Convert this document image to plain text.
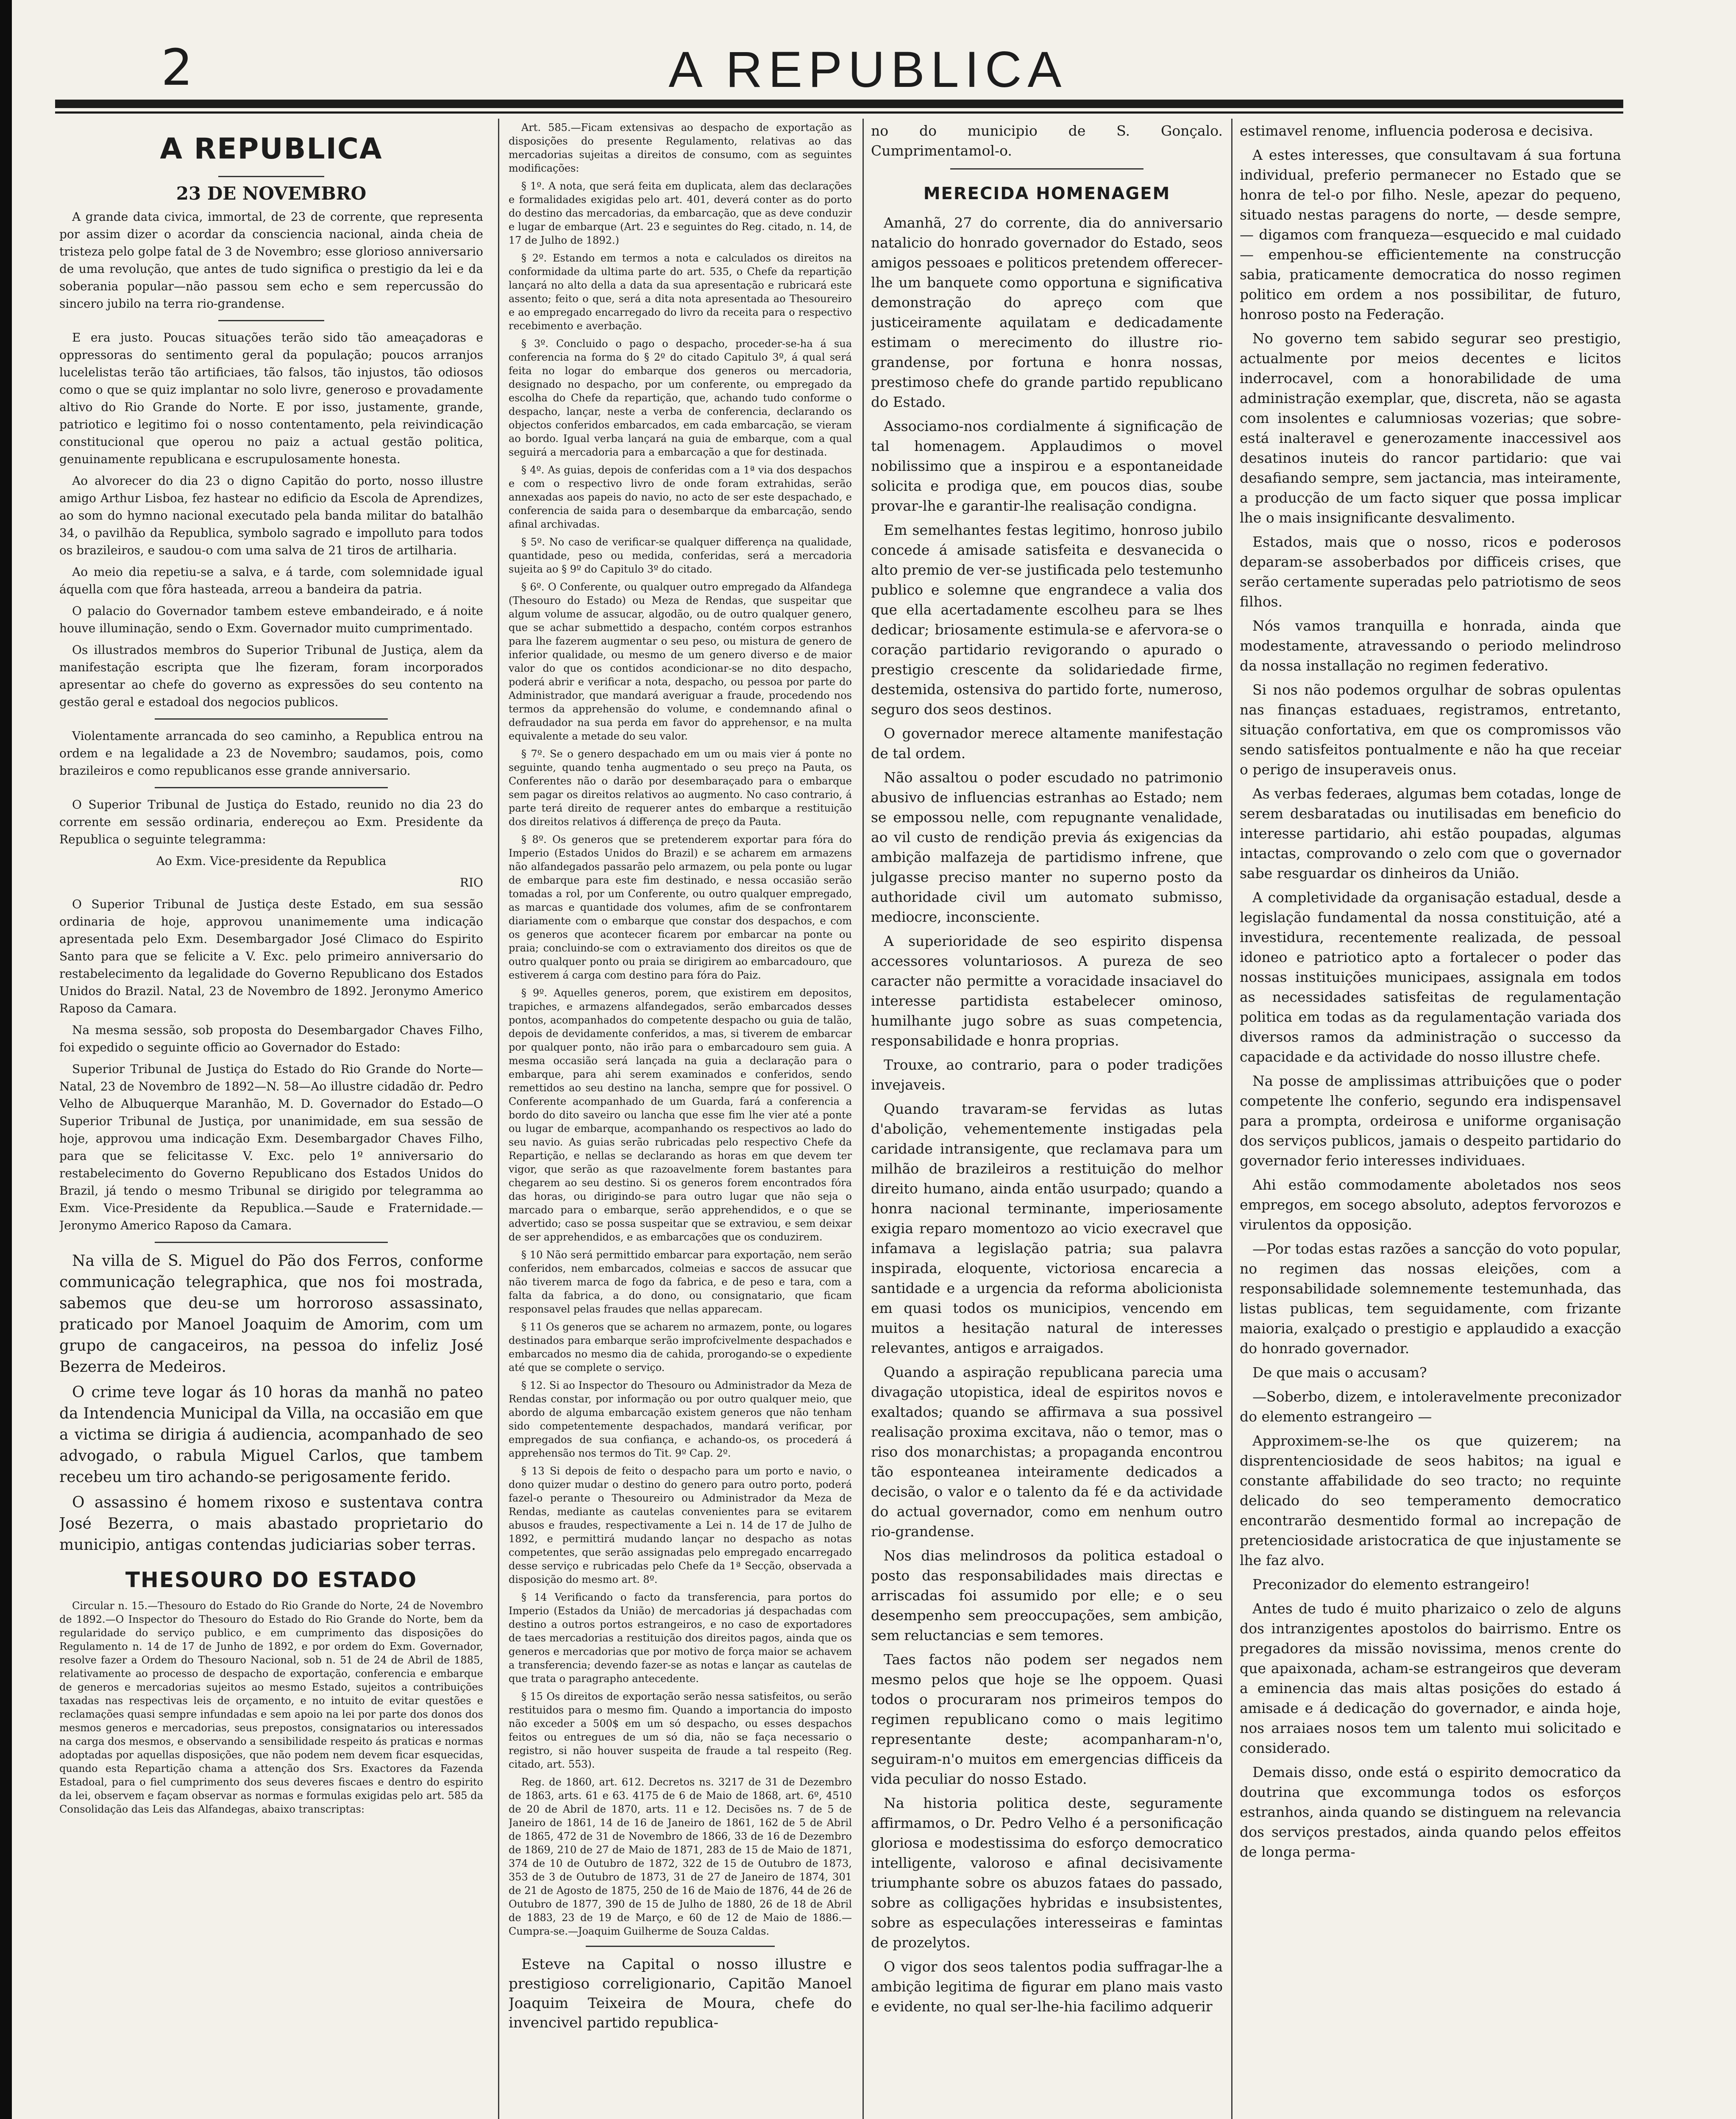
2	A REPUBLICA
A REPUBLICA
23 DE NOVEMBRO

A grande data civica, immortal, de 23 de corrente, que representa por assim dizer o acordar da consciencia nacional, ainda cheia de tristeza pelo golpe fatal de 3 de Novembro; esse glorioso anniversario de uma revolução, que antes de tudo significa o prestigio da lei e da soberania popular—não passou sem echo e sem repercussão do sincero jubilo na terra rio-grandense.

E era justo. Poucas situações terão sido tão ameaçadoras e oppressoras do sentimento geral da população; poucos arranjos lucelelistas terão tão artificiaes, tão falsos, tão injustos, tão odiosos como o que se quiz implantar no solo livre, generoso e provadamente altivo do Rio Grande do Norte. E por isso, justamente, grande, patriotico e legitimo foi o nosso contentamento, pela reivindicação constitucional que operou no paiz a actual gestão politica, genuinamente republicana e escrupulosamente honesta.

Ao alvorecer do dia 23 o digno Capitão do porto, nosso illustre amigo Arthur Lisboa, fez hastear no edificio da Escola de Aprendizes, ao som do hymno nacional executado pela banda militar do batalhão 34, o pavilhão da Republica, symbolo sagrado e impolluto para todos os brazileiros, e saudou-o com uma salva de 21 tiros de artilharia.

Ao meio dia repetiu-se a salva, e á tarde, com solemnidade igual áquella com que fôra hasteada, arreou a bandeira da patria.

O palacio do Governador tambem esteve embandeirado, e á noite houve illuminação, sendo o Exm. Governador muito cumprimentado.

Os illustrados membros do Superior Tribunal de Justiça, alem da manifestação escripta que lhe fizeram, foram incorporados apresentar ao chefe do governo as expressões do seu contento na gestão geral e estadoal dos negocios publicos.

Violentamente arrancada do seo caminho, a Republica entrou na ordem e na legalidade a 23 de Novembro; saudamos, pois, como brazileiros e como republicanos esse grande anniversario.

O Superior Tribunal de Justiça do Estado, reunido no dia 23 do corrente em sessão ordinaria, endereçou ao Exm. Presidente da Republica o seguinte telegramma:

Ao Exm. Vice-presidente da Republica

RIO

O Superior Tribunal de Justiça deste Estado, em sua sessão ordinaria de hoje, approvou unanimemente uma indicação apresentada pelo Exm. Desembargador José Climaco do Espirito Santo para que se felicite a V. Exc. pelo primeiro anniversario do restabelecimento da legalidade do Governo Republicano dos Estados Unidos do Brazil. Natal, 23 de Novembro de 1892. Jeronymo Americo Raposo da Camara.

Na mesma sessão, sob proposta do Desembargador Chaves Filho, foi expedido o seguinte officio ao Governador do Estado:

Superior Tribunal de Justiça do Estado do Rio Grande do Norte—Natal, 23 de Novembro de 1892—N. 58—Ao illustre cidadão dr. Pedro Velho de Albuquerque Maranhão, M. D. Governador do Estado—O Superior Tribunal de Justiça, por unanimidade, em sua sessão de hoje, approvou uma indicação Exm. Desembargador Chaves Filho, para que se felicitasse V. Exc. pelo 1º anniversario do restabelecimento do Governo Republicano dos Estados Unidos do Brazil, já tendo o mesmo Tribunal se dirigido por telegramma ao Exm. Vice-Presidente da Republica.—Saude e Fraternidade.—Jeronymo Americo Raposo da Camara.

Na villa de S. Miguel do Pão dos Ferros, conforme communicação telegraphica, que nos foi mostrada, sabemos que deu-se um horroroso assassinato, praticado por Manoel Joaquim de Amorim, com um grupo de cangaceiros, na pessoa do infeliz José Bezerra de Medeiros.

O crime teve logar ás 10 horas da manhã no pateo da Intendencia Municipal da Villa, na occasião em que a victima se dirigia á audiencia, acompanhado de seo advogado, o rabula Miguel Carlos, que tambem recebeu um tiro achando-se perigosamente ferido.

O assassino é homem rixoso e sustentava contra José Bezerra, o mais abastado proprietario do municipio, antigas contendas judiciarias sober terras.

THESOURO DO ESTADO

Circular n. 15.—Thesouro do Estado do Rio Grande do Norte, 24 de Novembro de 1892.—O Inspector do Thesouro do Estado do Rio Grande do Norte, bem da regularidade do serviço publico, e em cumprimento das disposições do Regulamento n. 14 de 17 de Junho de 1892, e por ordem do Exm. Governador, resolve fazer a Ordem do Thesouro Nacional, sob n. 51 de 24 de Abril de 1885, relativamente ao processo de despacho de exportação, conferencia e embarque de generos e mercadorias sujeitos ao mesmo Estado, sujeitos a contribuições taxadas nas respectivas leis de orçamento, e no intuito de evitar questões e reclamações quasi sempre infundadas e sem apoio na lei por parte dos donos dos mesmos generos e mercadorias, seus prepostos, consignatarios ou interessados na carga dos mesmos, e observando a sensibilidade respeito ás praticas e normas adoptadas por aquellas disposições, que não podem nem devem ficar esquecidas, quando esta Repartição chama a attenção dos Srs. Exactores da Fazenda Estadoal, para o fiel cumprimento dos seus deveres fiscaes e dentro do espirito da lei, observem e façam observar as normas e formulas exigidas pelo art. 585 da Consolidação das Leis das Alfandegas, abaixo transcriptas:

Art. 585.—Ficam extensivas ao despacho de exportação as disposições do presente Regulamento, relativas ao das mercadorias sujeitas a direitos de consumo, com as seguintes modificações:

§ 1º. A nota, que será feita em duplicata, alem das declarações e formalidades exigidas pelo art. 401, deverá conter as do porto do destino das mercadorias, da embarcação, que as deve conduzir e lugar de embarque (Art. 23 e seguintes do Reg. citado, n. 14, de 17 de Julho de 1892.)

§ 2º. Estando em termos a nota e calculados os direitos na conformidade da ultima parte do art. 535, o Chefe da repartição lançará no alto della a data da sua apresentação e rubricará este assento; feito o que, será a dita nota apresentada ao Thesoureiro e ao empregado encarregado do livro da receita para o respectivo recebimento e averbação.

§ 3º. Concluido o pago o despacho, proceder-se-ha á sua conferencia na forma do § 2º do citado Capitulo 3º, á qual será feita no logar do embarque dos generos ou mercadoria, designado no despacho, por um conferente, ou empregado da escolha do Chefe da repartição, que, achando tudo conforme o despacho, lançar, neste a verba de conferencia, declarando os objectos conferidos embarcados, em cada embarcação, se vieram ao bordo. Igual verba lançará na guia de embarque, com a qual seguirá a mercadoria para a embarcação a que for destinada.

§ 4º. As guias, depois de conferidas com a 1ª via dos despachos e com o respectivo livro de onde foram extrahidas, serão annexadas aos papeis do navio, no acto de ser este despachado, e conferencia de saida para o desembarque da embarcação, sendo afinal archivadas.

§ 5º. No caso de verificar-se qualquer differença na qualidade, quantidade, peso ou medida, conferidas, será a mercadoria sujeita ao § 9º do Capitulo 3º do citado.

§ 6º. O Conferente, ou qualquer outro empregado da Alfandega (Thesouro do Estado) ou Meza de Rendas, que suspeitar que algum volume de assucar, algodão, ou de outro qualquer genero, que se achar submettido a despacho, contém corpos estranhos para lhe fazerem augmentar o seu peso, ou mistura de genero de inferior qualidade, ou mesmo de um genero diverso e de maior valor do que os contidos acondicionar-se no dito despacho, poderá abrir e verificar a nota, despacho, ou pessoa por parte do Administrador, que mandará averiguar a fraude, procedendo nos termos da apprehensão do volume, e condemnando afinal o defraudador na sua perda em favor do apprehensor, e na multa equivalente a metade do seu valor.

§ 7º. Se o genero despachado em um ou mais vier á ponte no seguinte, quando tenha augmentado o seu preço na Pauta, os Conferentes não o darão por desembaraçado para o embarque sem pagar os direitos relativos ao augmento. No caso contrario, á parte terá direito de requerer antes do embarque a restituição dos direitos relativos á differença de preço da Pauta.

§ 8º. Os generos que se pretenderem exportar para fóra do Imperio (Estados Unidos do Brazil) e se acharem em armazens não alfandegados passarão pelo armazem, ou pela ponte ou lugar de embarque para este fim destinado, e nessa occasião serão tomadas a rol, por um Conferente, ou outro qualquer empregado, as marcas e quantidade dos volumes, afim de se confrontarem diariamente com o embarque que constar dos despachos, e com os generos que acontecer ficarem por embarcar na ponte ou praia; concluindo-se com o extraviamento dos direitos os que de outro qualquer ponto ou praia se dirigirem ao embarcadouro, que estiverem á carga com destino para fóra do Paiz.

§ 9º. Aquelles generos, porem, que existirem em depositos, trapiches, e armazens alfandegados, serão embarcados desses pontos, acompanhados do competente despacho ou guia de talão, depois de devidamente conferidos, a mas, si tiverem de embarcar por qualquer ponto, não irão para o embarcadouro sem guia. A mesma occasião será lançada na guia a declaração para o embarque, para ahi serem examinados e conferidos, sendo remettidos ao seu destino na lancha, sempre que for possivel. O Conferente acompanhado de um Guarda, fará a conferencia a bordo do dito saveiro ou lancha que esse fim lhe vier até a ponte ou lugar de embarque, acompanhando os respectivos ao lado do seu navio. As guias serão rubricadas pelo respectivo Chefe da Repartição, e nellas se declarando as horas em que devem ter vigor, que serão as que razoavelmente forem bastantes para chegarem ao seu destino. Si os generos forem encontrados fóra das horas, ou dirigindo-se para outro lugar que não seja o marcado para o embarque, serão apprehendidos, e o que se advertido; caso se possa suspeitar que se extraviou, e sem deixar de ser apprehendidos, e as embarcações que os conduzirem.

§ 10 Não será permittido embarcar para exportação, nem serão conferidos, nem embarcados, colmeias e saccos de assucar que não tiverem marca de fogo da fabrica, e de peso e tara, com a falta da fabrica, a do dono, ou consignatario, que ficam responsavel pelas fraudes que nellas apparecam.

§ 11 Os generos que se acharem no armazem, ponte, ou logares destinados para embarque serão improfcivelmente despachados e embarcados no mesmo dia de cahida, prorogando-se o expediente até que se complete o serviço.

§ 12. Si ao Inspector do Thesouro ou Administrador da Meza de Rendas constar, por informação ou por outro qualquer meio, que abordo de alguma embarcação existem generos que não tenham sido competentemente despachados, mandará verificar, por empregados de sua confiança, e achando-os, os procederá á apprehensão nos termos do Tit. 9º Cap. 2º.

§ 13 Si depois de feito o despacho para um porto e navio, o dono quizer mudar o destino do genero para outro porto, poderá fazel-o perante o Thesoureiro ou Administrador da Meza de Rendas, mediante as cautelas convenientes para se evitarem abusos e fraudes, respectivamente a Lei n. 14 de 17 de Julho de 1892, e permittirá mudando lançar no despacho as notas competentes, que serão assignadas pelo empregado encarregado desse serviço e rubricadas pelo Chefe da 1ª Secção, observada a disposição do mesmo art. 8º.

§ 14 Verificando o facto da transferencia, para portos do Imperio (Estados da União) de mercadorias já despachadas com destino a outros portos estrangeiros, e no caso de exportadores de taes mercadorias a restituição dos direitos pagos, ainda que os generos e mercadorias que por motivo de força maior se achavem a transferencia; devendo fazer-se as notas e lançar as cautelas de que trata o paragrapho antecedente.

§ 15 Os direitos de exportação serão nessa satisfeitos, ou serão restituidos para o mesmo fim. Quando a importancia do imposto não exceder a 500$ em um só despacho, ou esses despachos feitos ou entregues de um só dia, não se faça necessario o registro, si não houver suspeita de fraude a tal respeito (Reg. citado, art. 553).

Reg. de 1860, art. 612. Decretos ns. 3217 de 31 de Dezembro de 1863, arts. 61 e 63. 4175 de 6 de Maio de 1868, art. 6º, 4510 de 20 de Abril de 1870, arts. 11 e 12. Decisões ns. 7 de 5 de Janeiro de 1861, 14 de 16 de Janeiro de 1861, 162 de 5 de Abril de 1865, 472 de 31 de Novembro de 1866, 33 de 16 de Dezembro de 1869, 210 de 27 de Maio de 1871, 283 de 15 de Maio de 1871, 374 de 10 de Outubro de 1872, 322 de 15 de Outubro de 1873, 353 de 3 de Outubro de 1873, 31 de 27 de Janeiro de 1874, 301 de 21 de Agosto de 1875, 250 de 16 de Maio de 1876, 44 de 26 de Outubro de 1877, 390 de 15 de Julho de 1880, 26 de 18 de Abril de 1883, 23 de 19 de Março, e 60 de 12 de Maio de 1886.—Cumpra-se.—Joaquim Guilherme de Souza Caldas.

Esteve na Capital o nosso illustre e prestigioso correligionario, Capitão Manoel Joaquim Teixeira de Moura, chefe do invencivel partido republica-

no do municipio de S. Gonçalo. Cumprimentamol-o.

MERECIDA HOMENAGEM

Amanhã, 27 do corrente, dia do anniversario natalicio do honrado governador do Estado, seos amigos pessoaes e politicos pretendem offerecer-lhe um banquete como opportuna e significativa demonstração do apreço com que justiceiramente aquilatam e dedicadamente estimam o merecimento do illustre rio-grandense, por fortuna e honra nossas, prestimoso chefe do grande partido republicano do Estado.

Associamo-nos cordialmente á significação de tal homenagem. Applaudimos o movel nobilissimo que a inspirou e a espontaneidade solicita e prodiga que, em poucos dias, soube provar-lhe e garantir-lhe realisação condigna.

Em semelhantes festas legitimo, honroso jubilo concede á amisade satisfeita e desvanecida o alto premio de ver-se justificada pelo testemunho publico e solemne que engrandece a valia dos que ella acertadamente escolheu para se lhes dedicar; briosamente estimula-se e afervora-se o coração partidario revigorando o apurado o prestigio crescente da solidariedade firme, destemida, ostensiva do partido forte, numeroso, seguro dos seos destinos.

O governador merece altamente manifestação de tal ordem.

Não assaltou o poder escudado no patrimonio abusivo de influencias estranhas ao Estado; nem se empossou nelle, com repugnante venalidade, ao vil custo de rendição previa ás exigencias da ambição malfazeja de partidismo infrene, que julgasse preciso manter no superno posto da authoridade civil um automato submisso, mediocre, inconsciente.

A superioridade de seo espirito dispensa accessores voluntariosos. A pureza de seo caracter não permitte a voracidade insaciavel do interesse partidista estabelecer ominoso, humilhante jugo sobre as suas competencia, responsabilidade e honra proprias.

Trouxe, ao contrario, para o poder tradições invejaveis.

Quando travaram-se fervidas as lutas d'abolição, vehementemente instigadas pela caridade intransigente, que reclamava para um milhão de brazileiros a restituição do melhor direito humano, ainda então usurpado; quando a honra nacional terminante, imperiosamente exigia reparo momentozo ao vicio execravel que infamava a legislação patria; sua palavra inspirada, eloquente, victoriosa encarecia a santidade e a urgencia da reforma abolicionista em quasi todos os municipios, vencendo em muitos a hesitação natural de interesses relevantes, antigos e arraigados.

Quando a aspiração republicana parecia uma divagação utopistica, ideal de espiritos novos e exaltados; quando se affirmava a sua possivel realisação proxima excitava, não o temor, mas o riso dos monarchistas; a propaganda encontrou tão esponteanea inteiramente dedicados a decisão, o valor e o talento da fé e da actividade do actual governador, como em nenhum outro rio-grandense.

Nos dias melindrosos da politica estadoal o posto das responsabilidades mais directas e arriscadas foi assumido por elle; e o seu desempenho sem preoccupações, sem ambição, sem reluctancias e sem temores.

Taes factos não podem ser negados nem mesmo pelos que hoje se lhe oppoem. Quasi todos o procuraram nos primeiros tempos do regimen republicano como o mais legitimo representante deste; acompanharam-n'o, seguiram-n'o muitos em emergencias difficeis da vida peculiar do nosso Estado.

Na historia politica deste, seguramente affirmamos, o Dr. Pedro Velho é a personificação gloriosa e modestissima do esforço democratico intelligente, valoroso e afinal decisivamente triumphante sobre os abuzos fataes do passado, sobre as colligações hybridas e insubsistentes, sobre as especulações interesseiras e famintas de prozelytos.

O vigor dos seos talentos podia suffragar-lhe a ambição legitima de figurar em plano mais vasto e evidente, no qual ser-lhe-hia facilimo adquerir

estimavel renome, influencia poderosa e decisiva.

A estes interesses, que consultavam á sua fortuna individual, preferio permanecer no Estado que se honra de tel-o por filho. Nesle, apezar do pequeno, situado nestas paragens do norte, — desde sempre, — digamos com franqueza—esquecido e mal cuidado — empenhou-se efficientemente na construcção sabia, praticamente democratica do nosso regimen politico em ordem a nos possibilitar, de futuro, honroso posto na Federação.

No governo tem sabido segurar seo prestigio, actualmente por meios decentes e licitos inderrocavel, com a honorabilidade de uma administração exemplar, que, discreta, não se agasta com insolentes e calumniosas vozerias; que sobre-está inalteravel e generozamente inaccessivel aos desatinos inuteis do rancor partidario: que vai desafiando sempre, sem jactancia, mas inteiramente, a producção de um facto siquer que possa implicar lhe o mais insignificante desvalimento.

Estados, mais que o nosso, ricos e poderosos deparam-se assoberbados por difficeis crises, que serão certamente superadas pelo patriotismo de seos filhos.

Nós vamos tranquilla e honrada, ainda que modestamente, atravessando o periodo melindroso da nossa installação no regimen federativo.

Si nos não podemos orgulhar de sobras opulentas nas finanças estaduaes, registramos, entretanto, situação confortativa, em que os compromissos vão sendo satisfeitos pontualmente e não ha que receiar o perigo de insuperaveis onus.

As verbas federaes, algumas bem cotadas, longe de serem desbaratadas ou inutilisadas em beneficio do interesse partidario, ahi estão poupadas, algumas intactas, comprovando o zelo com que o governador sabe resguardar os dinheiros da União.

A completividade da organisação estadual, desde a legislação fundamental da nossa constituição, até a investidura, recentemente realizada, de pessoal idoneo e patriotico apto a fortalecer o poder das nossas instituições municipaes, assignala em todos as necessidades satisfeitas de regulamentação politica em todas as da regulamentação variada dos diversos ramos da administração o successo da capacidade e da actividade do nosso illustre chefe.

Na posse de amplissimas attribuições que o poder competente lhe conferio, segundo era indispensavel para a prompta, ordeirosa e uniforme organisação dos serviços publicos, jamais o despeito partidario do governador ferio interesses individuaes.

Ahi estão commodamente aboletados nos seos empregos, em socego absoluto, adeptos fervorozos e virulentos da opposição.

—Por todas estas razões a sancção do voto popular, no regimen das nossas eleições, com a responsabilidade solemnemente testemunhada, das listas publicas, tem seguidamente, com frizante maioria, exalçado o prestigio e applaudido a exacção do honrado governador.

De que mais o accusam?

—Soberbo, dizem, e intoleravelmente preconizador do elemento estrangeiro —

Approximem-se-lhe os que quizerem; na disprentenciosidade de seos habitos; na igual e constante affabilidade do seo tracto; no requinte delicado do seo temperamento democratico encontrarão desmentido formal ao increpação de pretenciosidade aristocratica de que injustamente se lhe faz alvo.

Preconizador do elemento estrangeiro!

Antes de tudo é muito pharizaico o zelo de alguns dos intranzigentes apostolos do bairrismo. Entre os pregadores da missão novissima, menos crente do que apaixonada, acham-se estrangeiros que deveram a eminencia das mais altas posições do estado á amisade e á dedicação do governador, e ainda hoje, nos arraiaes nosos tem um talento mui solicitado e considerado.

Demais disso, onde está o espirito democratico da doutrina que excommunga todos os esforços estranhos, ainda quando se distinguem na relevancia dos serviços prestados, ainda quando pelos effeitos de longa perma-
